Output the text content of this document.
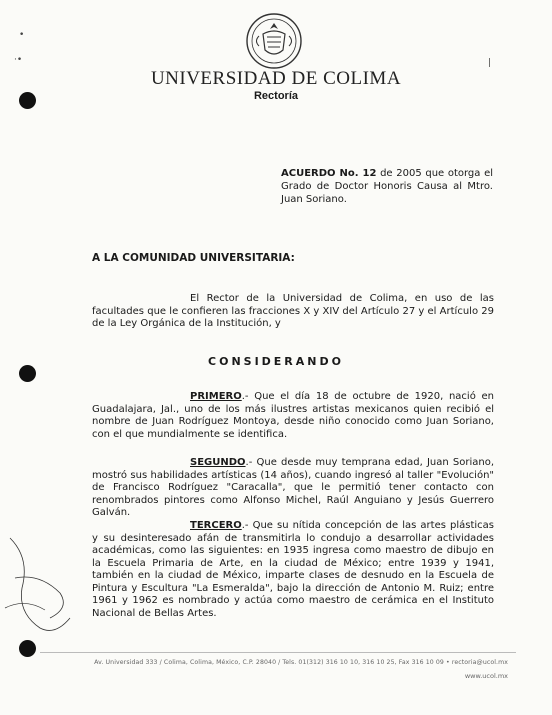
UNIVERSIDAD DE COLIMA
Rectoría
•
·•	|
ACUERDO No. 12 de 2005 que otorga el Grado de Doctor Honoris Causa al Mtro. Juan Soriano.
A LA COMUNIDAD UNIVERSITARIA:
El Rector de la Universidad de Colima, en uso de las facultades que le confieren las fracciones X y XIV del Artículo 27 y el Artículo 29 de la Ley Orgánica de la Institución, y
CONSIDERANDO
PRIMERO.- Que el día 18 de octubre de 1920, nació en Guadalajara, Jal., uno de los más ilustres artistas mexicanos quien recibió el nombre de Juan Rodríguez Montoya, desde niño conocido como Juan Soriano, con el que mundialmente se identifica.
SEGUNDO.- Que desde muy temprana edad, Juan Soriano, mostró sus habilidades artísticas (14 años), cuando ingresó al taller "Evolución" de Francisco Rodríguez "Caracalla", que le permitió tener contacto con renombrados pintores como Alfonso Michel, Raúl Anguiano y Jesús Guerrero Galván.
TERCERO.- Que su nítida concepción de las artes plásticas y su desinteresado afán de transmitirla lo condujo a desarrollar actividades académicas, como las siguientes: en 1935 ingresa como maestro de dibujo en la Escuela Primaria de Arte, en la ciudad de México; entre 1939 y 1941, también en la ciudad de México, imparte clases de desnudo en la Escuela de Pintura y Escultura "La Esmeralda", bajo la dirección de Antonio M. Ruiz; entre 1961 y 1962 es nombrado y actúa como maestro de cerámica en el Instituto Nacional de Bellas Artes.
Av. Universidad 333 / Colima, Colima, México, C.P. 28040 / Tels. 01(312) 316 10 10, 316 10 25, Fax 316 10 09 • rectoria@ucol.mx
www.ucol.mx
